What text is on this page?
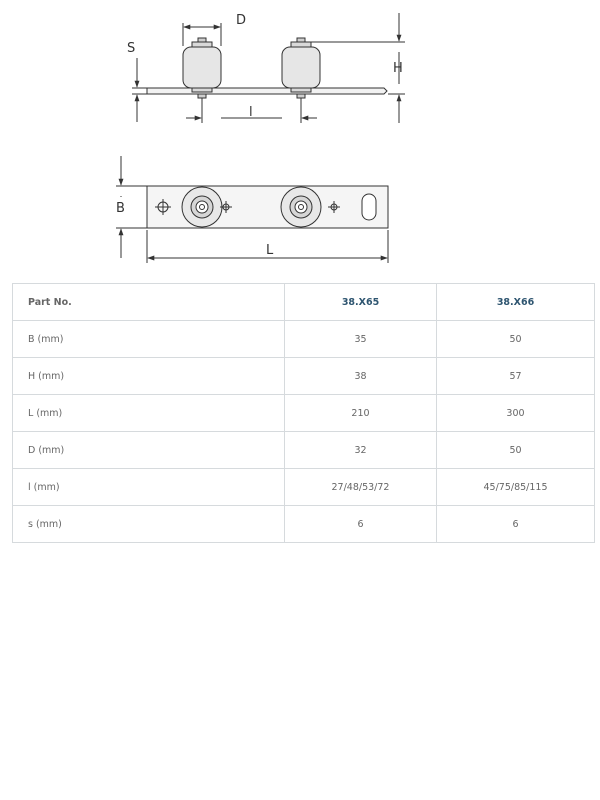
D
S
H
l
B
L
Part No.	38.X65	38.X66
B (mm)	35	50
H (mm)	38	57
L (mm)	210	300
D (mm)	32	50
l (mm)	27/48/53/72	45/75/85/115
s (mm)	6	6
